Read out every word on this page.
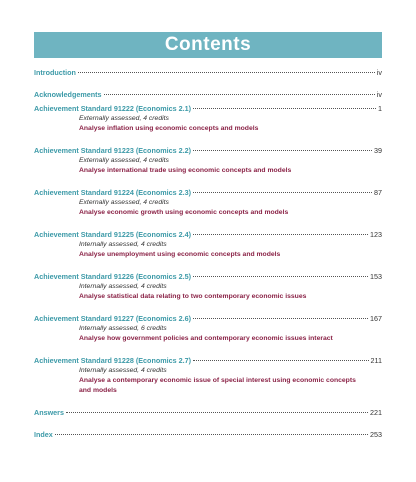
Contents
Introduction	iv
Acknowledgements	iv
Achievement Standard 91222 (Economics 2.1)	1
Externally assessed, 4 credits
Analyse inflation using economic concepts and models
Achievement Standard 91223 (Economics 2.2)	39
Externally assessed, 4 credits
Analyse international trade using economic concepts and models
Achievement Standard 91224 (Economics 2.3)	87
Externally assessed, 4 credits
Analyse economic growth using economic concepts and models
Achievement Standard 91225 (Economics 2.4)	123
Internally assessed, 4 credits
Analyse unemployment using economic concepts and models
Achievement Standard 91226 (Economics 2.5)	153
Internally assessed, 4 credits
Analyse statistical data relating to two contemporary economic issues
Achievement Standard 91227 (Economics 2.6)	167
Internally assessed, 6 credits
Analyse how government policies and contemporary economic issues interact
Achievement Standard 91228 (Economics 2.7)	211
Internally assessed, 4 credits
Analyse a contemporary economic issue of special interest using economic concepts
and models
Answers	221
Index	253
